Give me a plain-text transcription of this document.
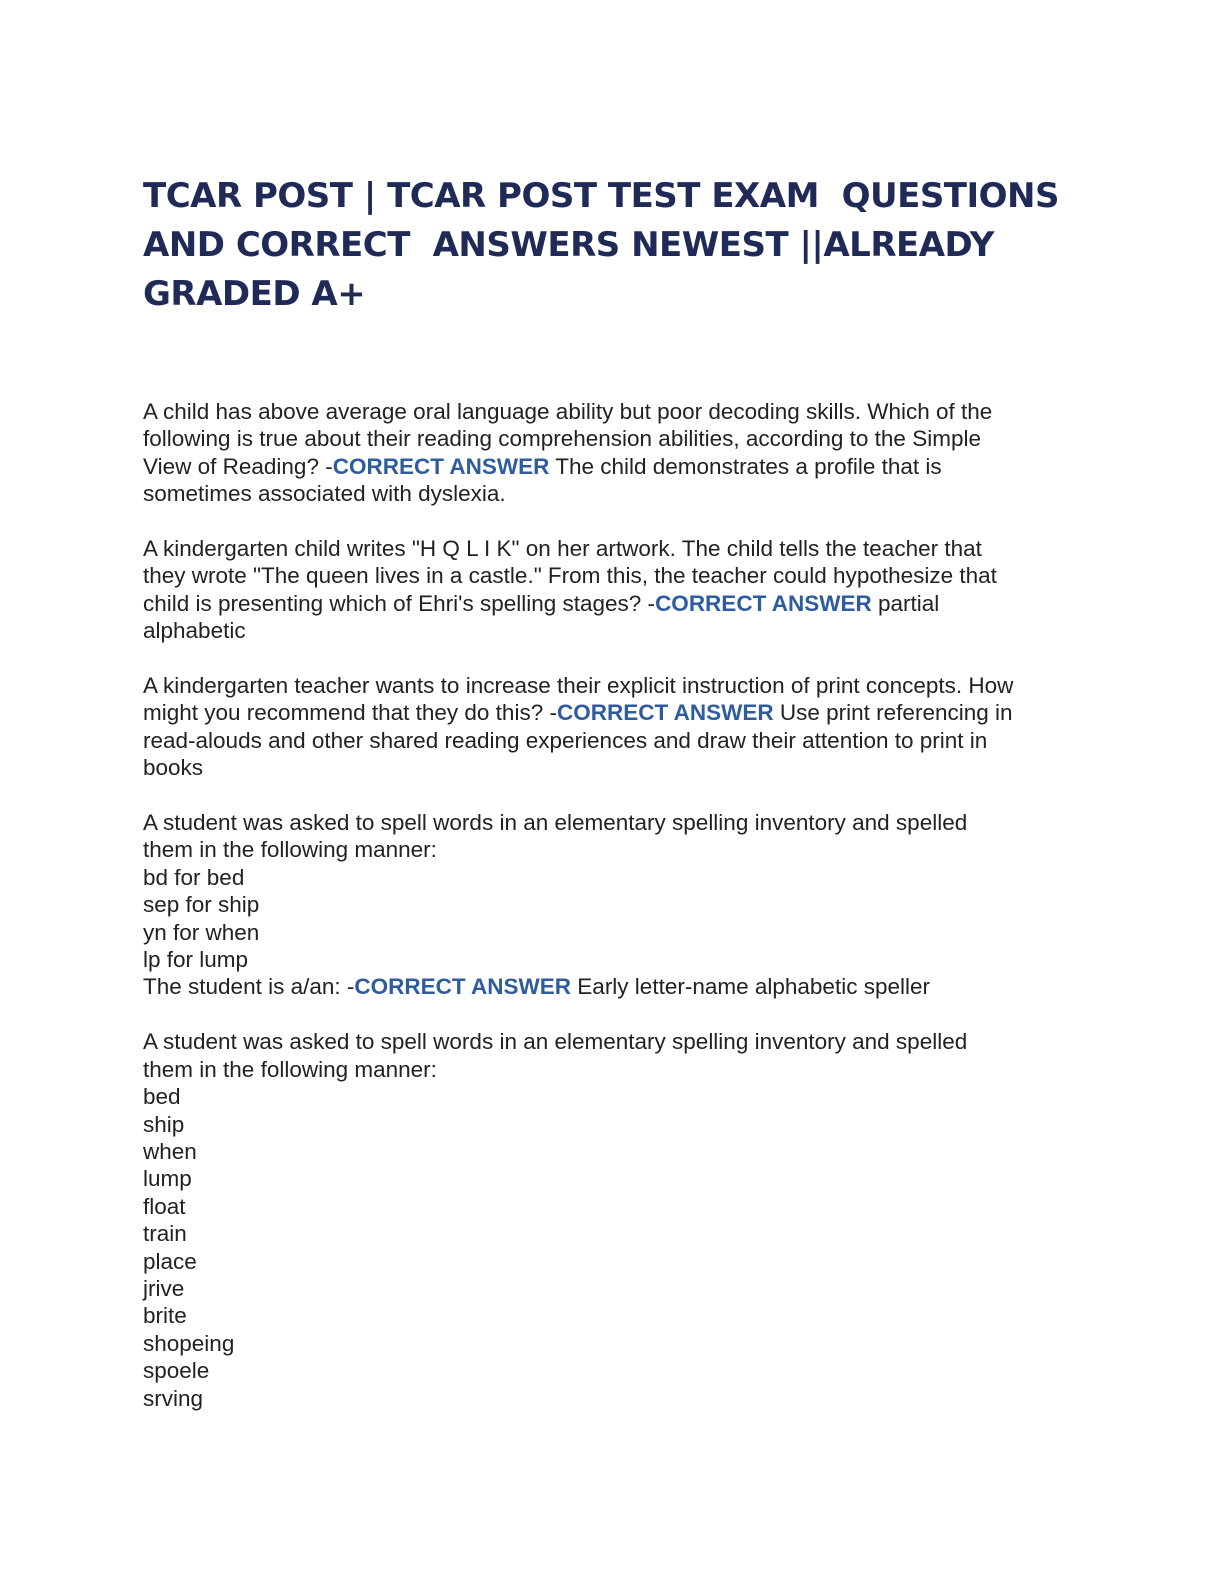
TCAR POST | TCAR POST TEST EXAM  QUESTIONS AND CORRECT  ANSWERS NEWEST ||ALREADY GRADED A+
A child has above average oral language ability but poor decoding skills. Which of the
following is true about their reading comprehension abilities, according to the Simple
View of Reading? -CORRECT ANSWER The child demonstrates a profile that is
sometimes associated with dyslexia.
A kindergarten child writes "H Q L I K" on her artwork. The child tells the teacher that
they wrote "The queen lives in a castle." From this, the teacher could hypothesize that
child is presenting which of Ehri's spelling stages? -CORRECT ANSWER partial
alphabetic
A kindergarten teacher wants to increase their explicit instruction of print concepts. How
might you recommend that they do this? -CORRECT ANSWER Use print referencing in
read-alouds and other shared reading experiences and draw their attention to print in
books
A student was asked to spell words in an elementary spelling inventory and spelled
them in the following manner:
bd for bed
sep for ship
yn for when
lp for lump
The student is a/an: -CORRECT ANSWER Early letter-name alphabetic speller
A student was asked to spell words in an elementary spelling inventory and spelled
them in the following manner:
bed
ship
when
lump
float
train
place
jrive
brite
shopeing
spoele
srving
